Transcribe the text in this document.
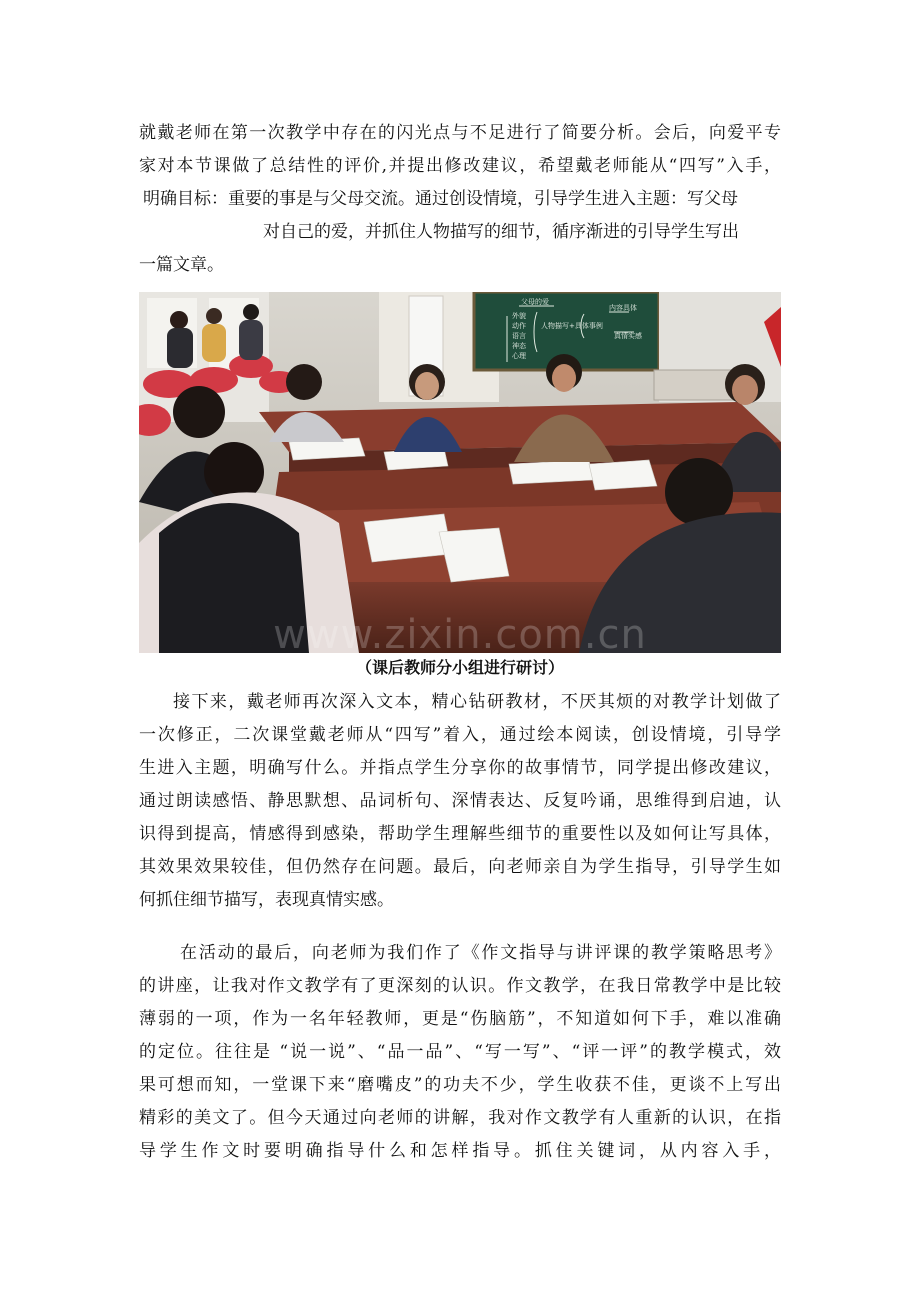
就戴老师在第一次教学中存在的闪光点与不足进行了简要分析。会后，向爱平专
家对本节课做了总结性的评价,并提出修改建议，希望戴老师能从“四写”入手，
明确目标：重要的事是与父母交流。通过创设情境，引导学生进入主题：写父母
对自己的爱，并抓住人物描写的细节，循序渐进的引导学生写出
一篇文章。

父母的爱
外貌
动作
语言
神态
心理
人物描写+具体事例
内容具体
真情实感
www.zixin.com.cn
（课后教师分小组进行研讨）

接下来，戴老师再次深入文本，精心钻研教材，不厌其烦的对教学计划做了
一次修正，二次课堂戴老师从“四写”着入，通过绘本阅读，创设情境，引导学
生进入主题，明确写什么。并指点学生分享你的故事情节，同学提出修改建议，
通过朗读感悟、静思默想、品词析句、深情表达、反复吟诵，思维得到启迪，认
识得到提高，情感得到感染，帮助学生理解些细节的重要性以及如何让写具体，
其效果效果较佳，但仍然存在问题。最后，向老师亲自为学生指导，引导学生如
何抓住细节描写，表现真情实感。

在活动的最后，向老师为我们作了《作文指导与讲评课的教学策略思考》
的讲座，让我对作文教学有了更深刻的认识。作文教学，在我日常教学中是比较
薄弱的一项，作为一名年轻教师，更是“伤脑筋”，不知道如何下手，难以准确
的定位。往往是 “说一说”、“品一品”、“写一写”、“评一评”的教学模式，效
果可想而知，一堂课下来“磨嘴皮”的功夫不少，学生收获不佳，更谈不上写出
精彩的美文了。但今天通过向老师的讲解，我对作文教学有人重新的认识，在指
导学生作文时要明确指导什么和怎样指导。抓住关键词，从内容入手，
